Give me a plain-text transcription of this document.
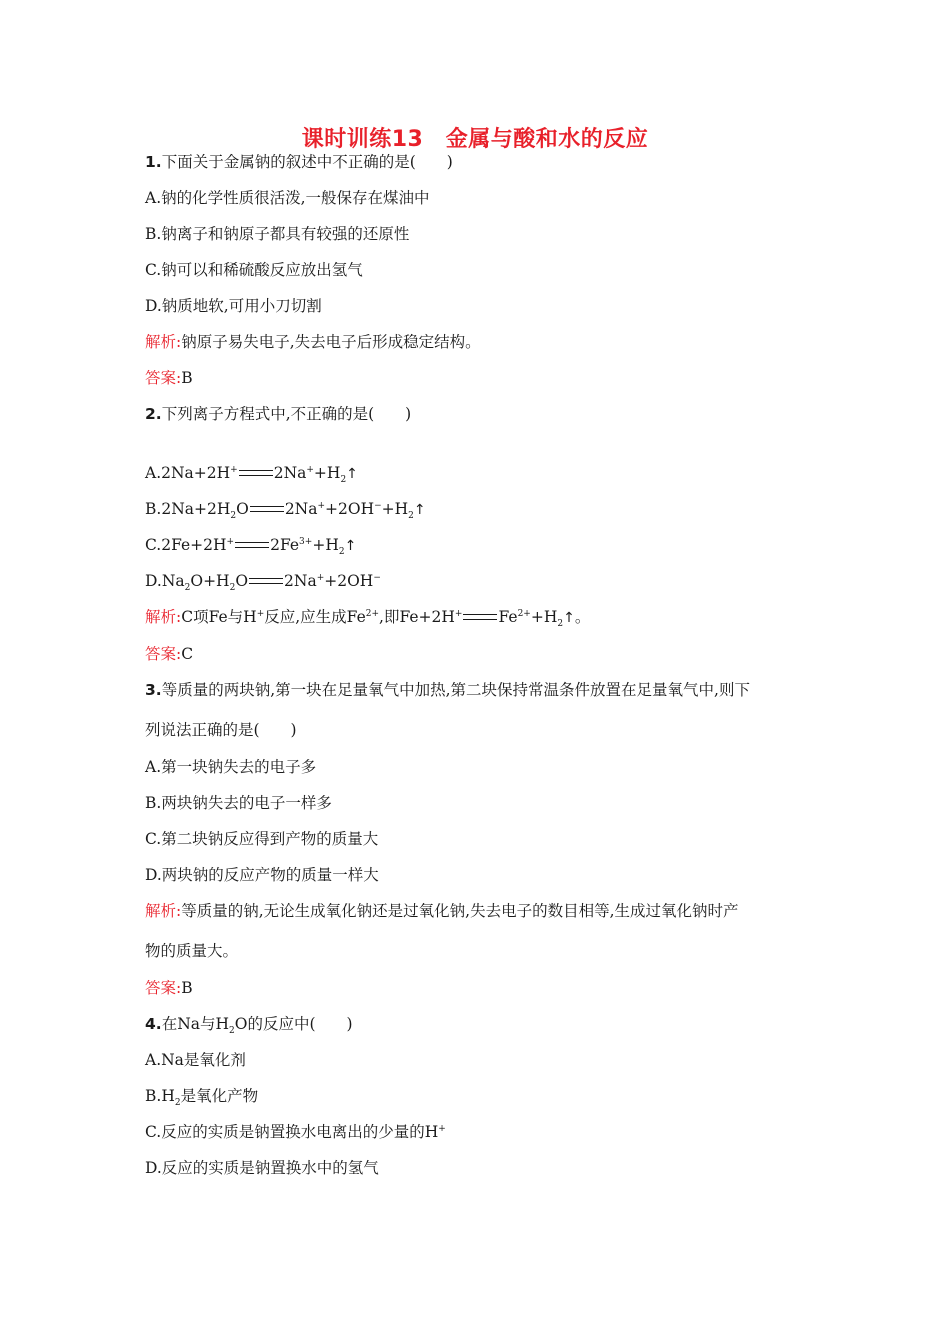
课时训练13　金属与酸和水的反应
1.下面关于金属钠的叙述中不正确的是(　　)
A.钠的化学性质很活泼,一般保存在煤油中
B.钠离子和钠原子都具有较强的还原性
C.钠可以和稀硫酸反应放出氢气
D.钠质地软,可用小刀切割
解析:钠原子易失电子,失去电子后形成稳定结构。
答案:B
2.下列离子方程式中,不正确的是(　　)
A.2Na+2H+ $2Na^++H_2↑$
$B.2Na+2H_2O$ $2Na^++2OH^-+H_2↑$
C.2Fe+2H+ $2Fe^{3+}+H_2↑$
$D.Na_2O+H_2O$ 2Na++2OH−
解析:C项Fe与H+反应,应生成$Fe^{2+}$,即Fe+2H+ $Fe^{2+}+H_2↑$。
答案:C
3.等质量的两块钠,第一块在足量氧气中加热,第二块保持常温条件放置在足量氧气中,则下
列说法正确的是(　　)
A.第一块钠失去的电子多
B.两块钠失去的电子一样多
C.第二块钠反应得到产物的质量大
D.两块钠的反应产物的质量一样大
解析:等质量的钠,无论生成氧化钠还是过氧化钠,失去电子的数目相等,生成过氧化钠时产
物的质量大。
答案:B
4.在Na与$H_2O$的反应中(　　)
A.Na是氧化剂
$B.H_2$是氧化产物
C.反应的实质是钠置换水电离出的少量的H+
D.反应的实质是钠置换水中的氢气
